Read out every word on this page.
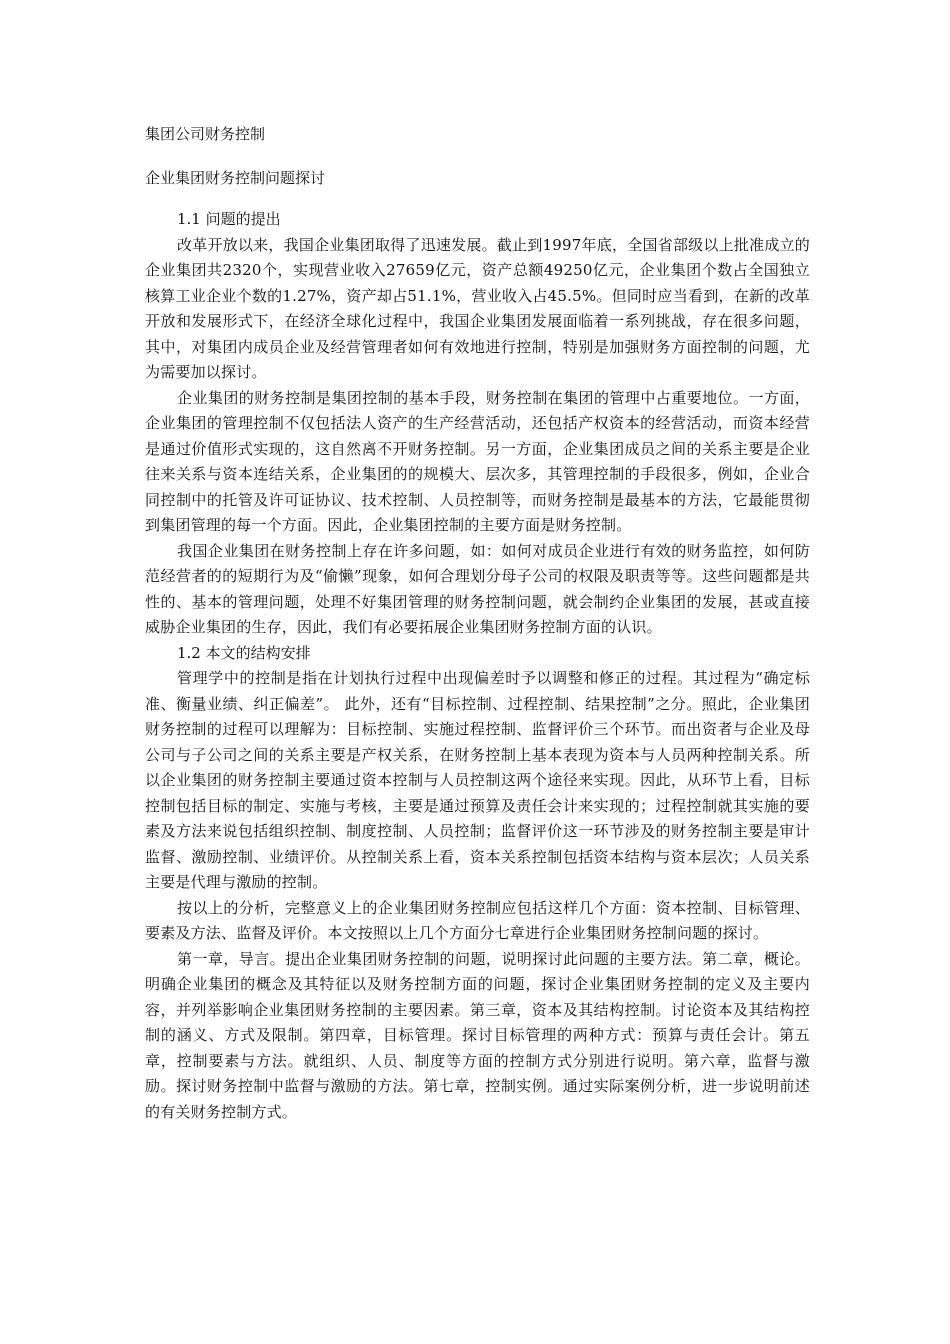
集团公司财务控制

企业集团财务控制问题探讨

1.1 问题的提出

改革开放以来，我国企业集团取得了迅速发展。截止到1997年底，全国省部级以上批准成立的企业集团共2320个，实现营业收入27659亿元，资产总额49250亿元，企业集团个数占全国独立核算工业企业个数的1.27%，资产却占51.1%，营业收入占45.5%。但同时应当看到，在新的改革开放和发展形式下，在经济全球化过程中，我国企业集团发展面临着一系列挑战，存在很多问题，其中，对集团内成员企业及经营管理者如何有效地进行控制，特别是加强财务方面控制的问题，尤为需要加以探讨。

企业集团的财务控制是集团控制的基本手段，财务控制在集团的管理中占重要地位。一方面，企业集团的管理控制不仅包括法人资产的生产经营活动，还包括产权资本的经营活动，而资本经营是通过价值形式实现的，这自然离不开财务控制。另一方面，企业集团成员之间的关系主要是企业往来关系与资本连结关系，企业集团的的规模大、层次多，其管理控制的手段很多，例如，企业合同控制中的托管及许可证协议、技术控制、人员控制等，而财务控制是最基本的方法，它最能贯彻到集团管理的每一个方面。因此，企业集团控制的主要方面是财务控制。

我国企业集团在财务控制上存在许多问题，如：如何对成员企业进行有效的财务监控，如何防范经营者的的短期行为及“偷懒”现象，如何合理划分母子公司的权限及职责等等。这些问题都是共性的、基本的管理问题，处理不好集团管理的财务控制问题，就会制约企业集团的发展，甚或直接威胁企业集团的生存，因此，我们有必要拓展企业集团财务控制方面的认识。

1.2 本文的结构安排

管理学中的控制是指在计划执行过程中出现偏差时予以调整和修正的过程。其过程为“确定标准、衡量业绩、纠正偏差”。 此外，还有“目标控制、过程控制、结果控制”之分。照此，企业集团财务控制的过程可以理解为：目标控制、实施过程控制、监督评价三个环节。而出资者与企业及母公司与子公司之间的关系主要是产权关系，在财务控制上基本表现为资本与人员两种控制关系。所以企业集团的财务控制主要通过资本控制与人员控制这两个途径来实现。因此，从环节上看，目标控制包括目标的制定、实施与考核，主要是通过预算及责任会计来实现的；过程控制就其实施的要素及方法来说包括组织控制、制度控制、人员控制；监督评价这一环节涉及的财务控制主要是审计监督、激励控制、业绩评价。从控制关系上看，资本关系控制包括资本结构与资本层次；人员关系主要是代理与激励的控制。

按以上的分析，完整意义上的企业集团财务控制应包括这样几个方面：资本控制、目标管理、要素及方法、监督及评价。本文按照以上几个方面分七章进行企业集团财务控制问题的探讨。

第一章，导言。提出企业集团财务控制的问题，说明探讨此问题的主要方法。第二章，概论。明确企业集团的概念及其特征以及财务控制方面的问题，探讨企业集团财务控制的定义及主要内容，并列举影响企业集团财务控制的主要因素。第三章，资本及其结构控制。讨论资本及其结构控制的涵义、方式及限制。第四章，目标管理。探讨目标管理的两种方式：预算与责任会计。第五章，控制要素与方法。就组织、人员、制度等方面的控制方式分别进行说明。第六章，监督与激励。探讨财务控制中监督与激励的方法。第七章，控制实例。通过实际案例分析，进一步说明前述的有关财务控制方式。
